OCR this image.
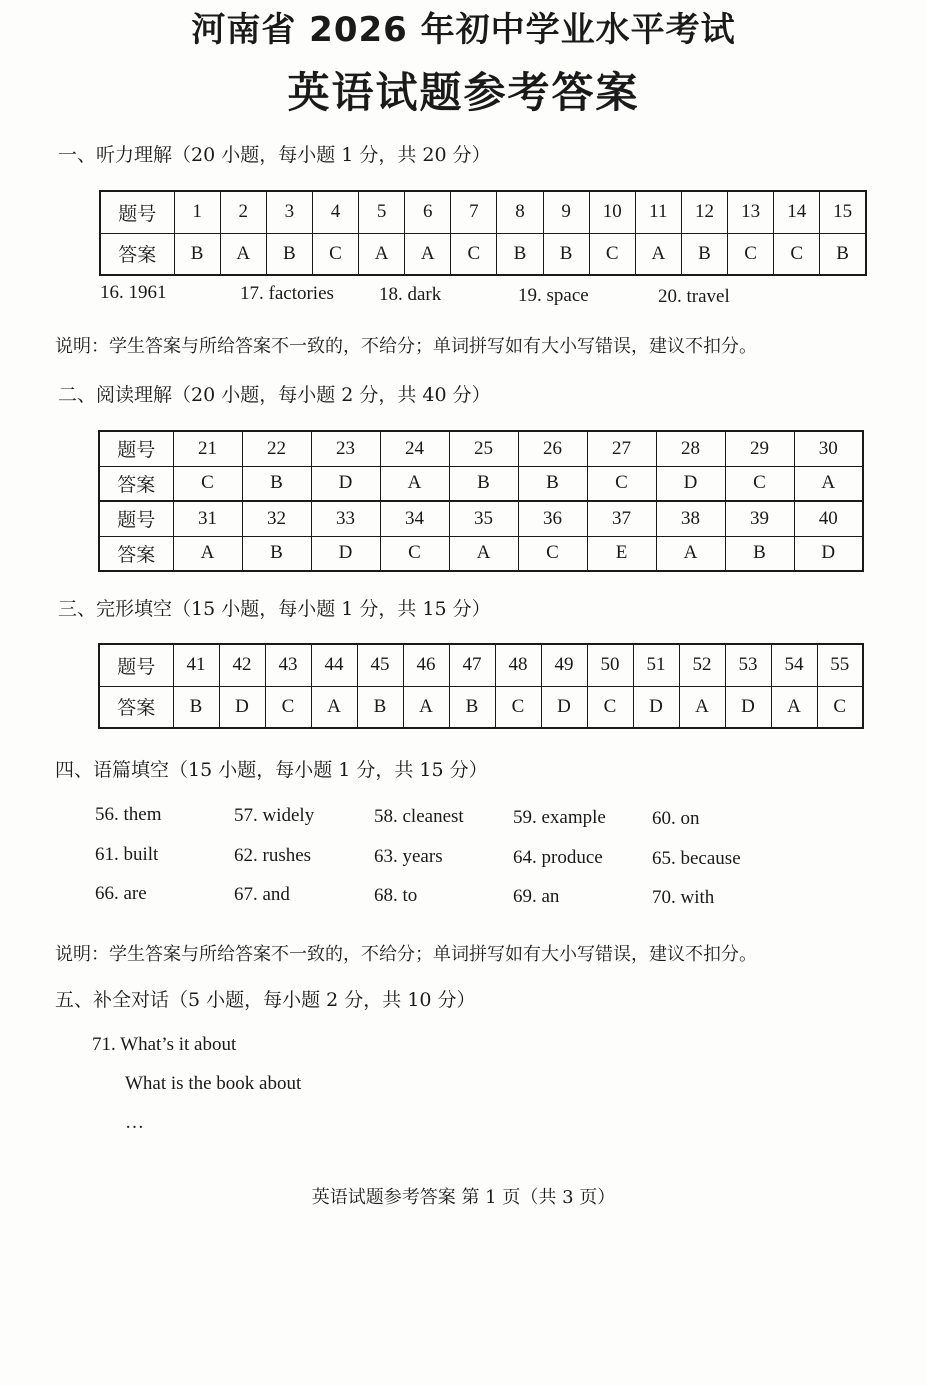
河南省 2026 年初中学业水平考试
英语试题参考答案
一、听力理解（20 小题，每小题 1 分，共 20 分）
题号	1	2	3	4	5	6	7	8	9	10	11	12	13	14	15
答案	B	A	B	C	A	A	C	B	B	C	A	B	C	C	B
16. 1961	17. factories 18. dark	19. space	20. travel
说明：学生答案与所给答案不一致的，不给分；单词拼写如有大小写错误，建议不扣分。
二、阅读理解（20 小题，每小题 2 分，共 40 分）
题号	21	22	23	24	25	26	27	28	29	30
答案	C	B	D	A	B	B	C	D	C	A
题号	31	32	33	34	35	36	37	38	39	40
答案	A	B	D	C	A	C	E	A	B	D
三、完形填空（15 小题，每小题 1 分，共 15 分）
题号	41	42	43	44	45	46	47	48	49	50	51	52	53	54	55
答案	B	D	C	A	B	A	B	C	D	C	D	A	D	A	C
四、语篇填空（15 小题，每小题 1 分，共 15 分）
56. them	57. widely	58. cleanest	59. example 60. on
61. built	62. rushes	63. years	64. produce	65. because
66. are	67. and	68. to	69. an	70. with
说明：学生答案与所给答案不一致的，不给分；单词拼写如有大小写错误，建议不扣分。
五、补全对话（5 小题，每小题 2 分，共 10 分）
71. What’s it about
What is the book about
…
英语试题参考答案 第 1 页（共 3 页）
